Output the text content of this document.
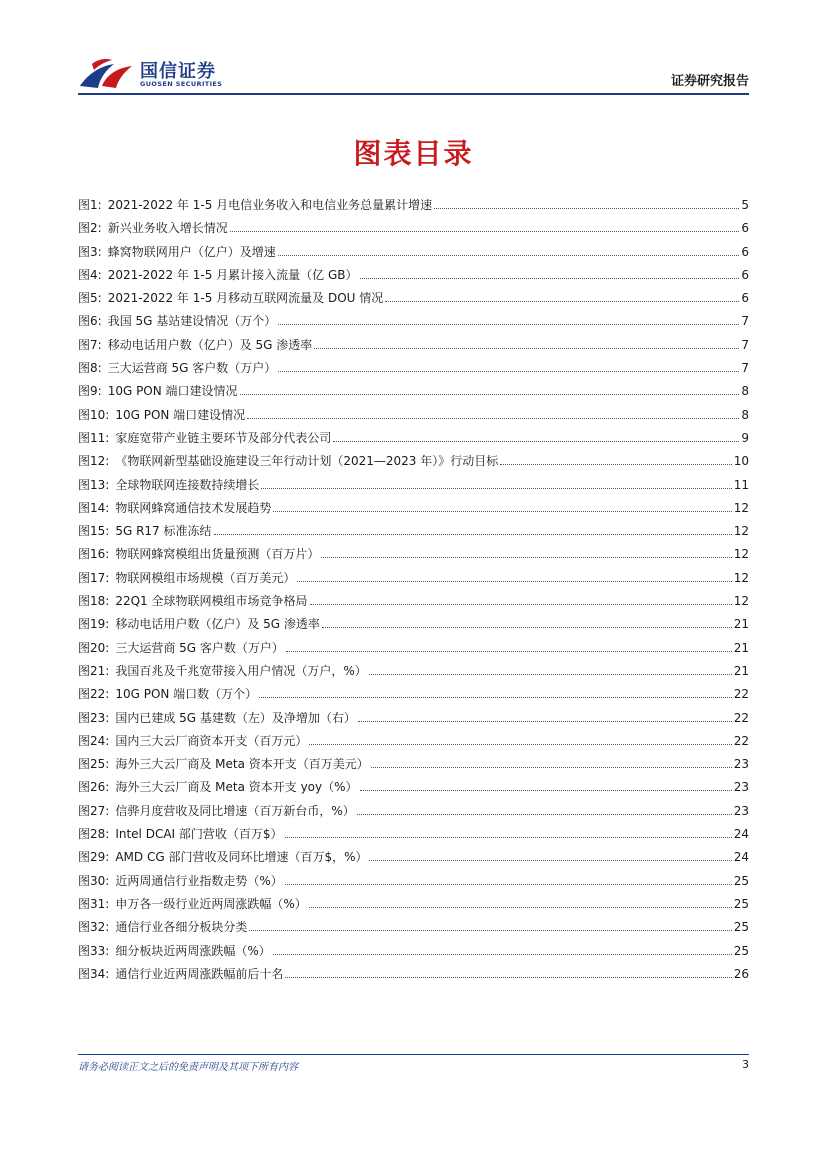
国信证券
GUOSEN SECURITIES	证券研究报告
图表目录
图1: 2021-2022 年 1-5 月电信业务收入和电信业务总量累计增速	5
图2: 新兴业务收入增长情况	6
图3: 蜂窝物联网用户（亿户）及增速	6
图4: 2021-2022 年 1-5 月累计接入流量（亿 GB）	6
图5: 2021-2022 年 1-5 月移动互联网流量及 DOU 情况	6
图6: 我国 5G 基站建设情况（万个）	7
图7: 移动电话用户数（亿户）及 5G 渗透率	7
图8: 三大运营商 5G 客户数（万户）	7
图9: 10G PON 端口建设情况	8
图10: 10G PON 端口建设情况	8
图11: 家庭宽带产业链主要环节及部分代表公司	9
图12: 《物联网新型基础设施建设三年行动计划（2021—2023 年）》行动目标	10
图13: 全球物联网连接数持续增长	11
图14: 物联网蜂窝通信技术发展趋势	12
图15: 5G R17 标准冻结	12
图16: 物联网蜂窝模组出货量预测（百万片）	12
图17: 物联网模组市场规模（百万美元）	12
图18: 22Q1 全球物联网模组市场竞争格局	12
图19: 移动电话用户数（亿户）及 5G 渗透率	21
图20: 三大运营商 5G 客户数（万户）	21
图21: 我国百兆及千兆宽带接入用户情况（万户，%）	21
图22: 10G PON 端口数（万个）	22
图23: 国内已建成 5G 基建数（左）及净增加（右）	22
图24: 国内三大云厂商资本开支（百万元）	22
图25: 海外三大云厂商及 Meta 资本开支（百万美元）	23
图26: 海外三大云厂商及 Meta 资本开支 yoy（%）	23
图27: 信骅月度营收及同比增速（百万新台币，%）	23
图28: Intel DCAI 部门营收（百万$）	24
图29: AMD CG 部门营收及同环比增速（百万$，%）	24
图30: 近两周通信行业指数走势（%）	25
图31: 申万各一级行业近两周涨跌幅（%）	25
图32: 通信行业各细分板块分类	25
图33: 细分板块近两周涨跌幅（%）	25
图34: 通信行业近两周涨跌幅前后十名	26
请务必阅读正文之后的免责声明及其项下所有内容	3
